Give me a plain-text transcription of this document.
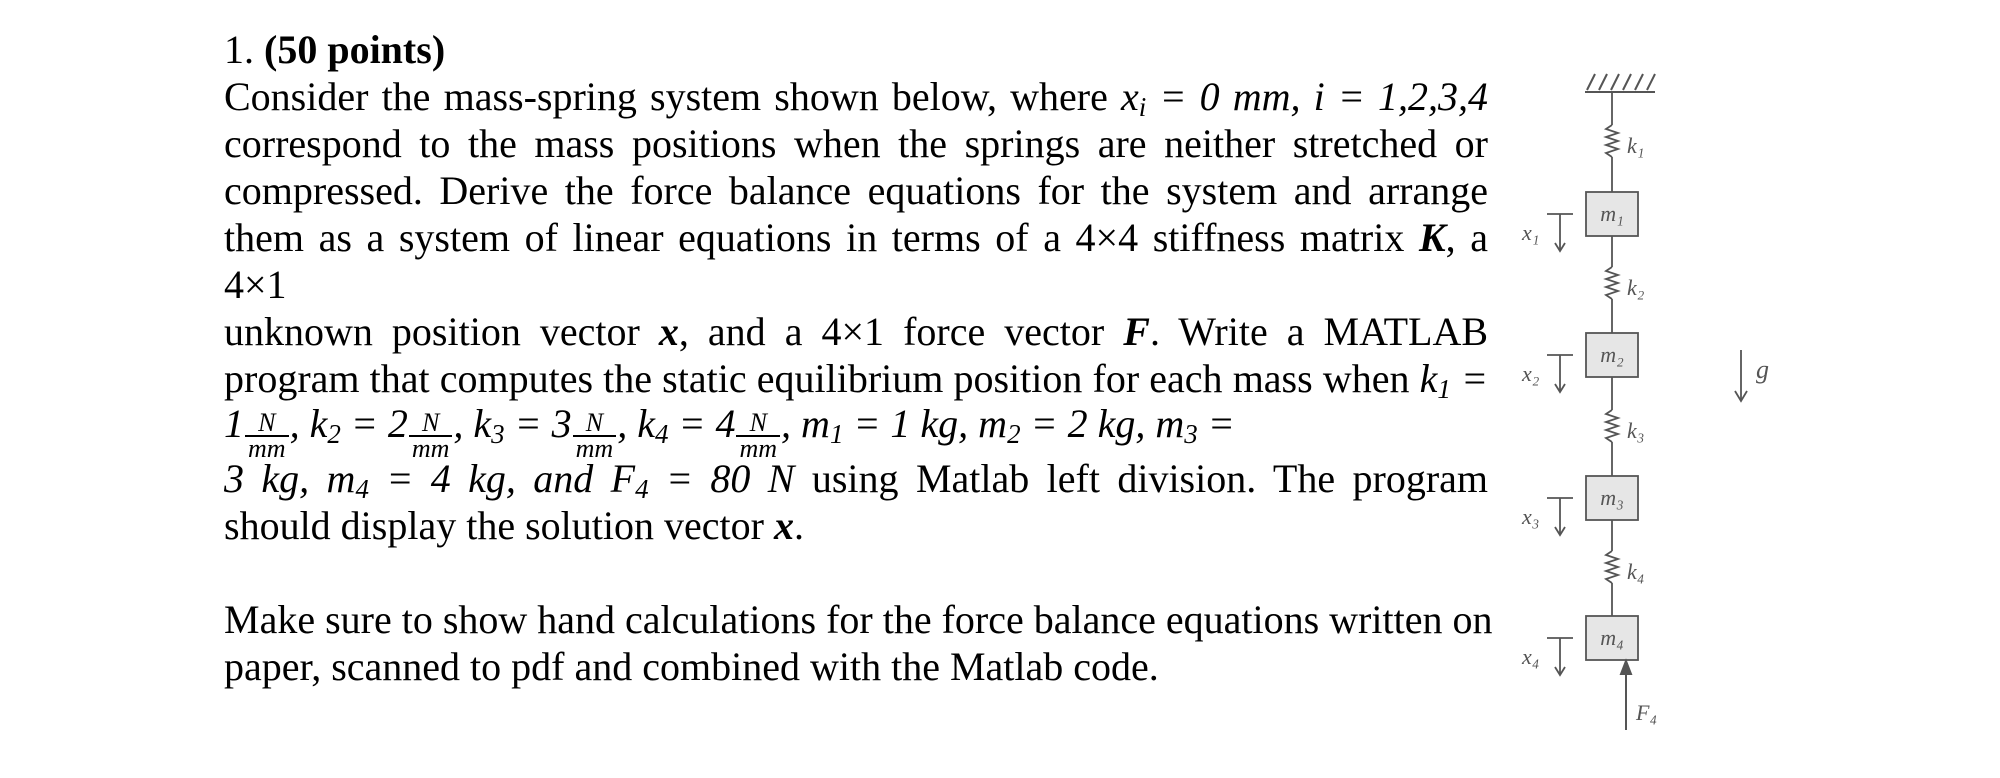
1. (50 points)
Consider the mass-spring system shown below, where $x_i = 0$ mm, i = 1,2,3,4
correspond to the mass positions when the springs are neither stretched or
compressed. Derive the force balance equations for the system and arrange
them as a system of linear equations in terms of a 4×4 stiffness matrix K, a 4×1
unknown position vector x, and a 4×1 force vector F. Write a MATLAB
program that computes the static equilibrium position for each mass when $k_1$ =
$1 \frac{N}{mm}$ , $k_2 = 2 \frac{N}{mm}$ , $k_3 = 3 \frac{N}{mm}$ , $k_4 = 4 \frac{N}{mm}$ , $m_1 = 1$ kg, $m_2 = 2$ kg, $m_3$ =
3 kg, $m_4 = 4$ kg, and $F_4 = 80$ N using Matlab left division. The program
should display the solution vector x.
Make sure to show hand calculations for the force balance equations written on
paper, scanned to pdf and combined with the Matlab code.
k₁
k₂
k₃
k₄
m₁
m₂
m₃
m₄
x₁
x₂
x₃
x₄
g
F₄
